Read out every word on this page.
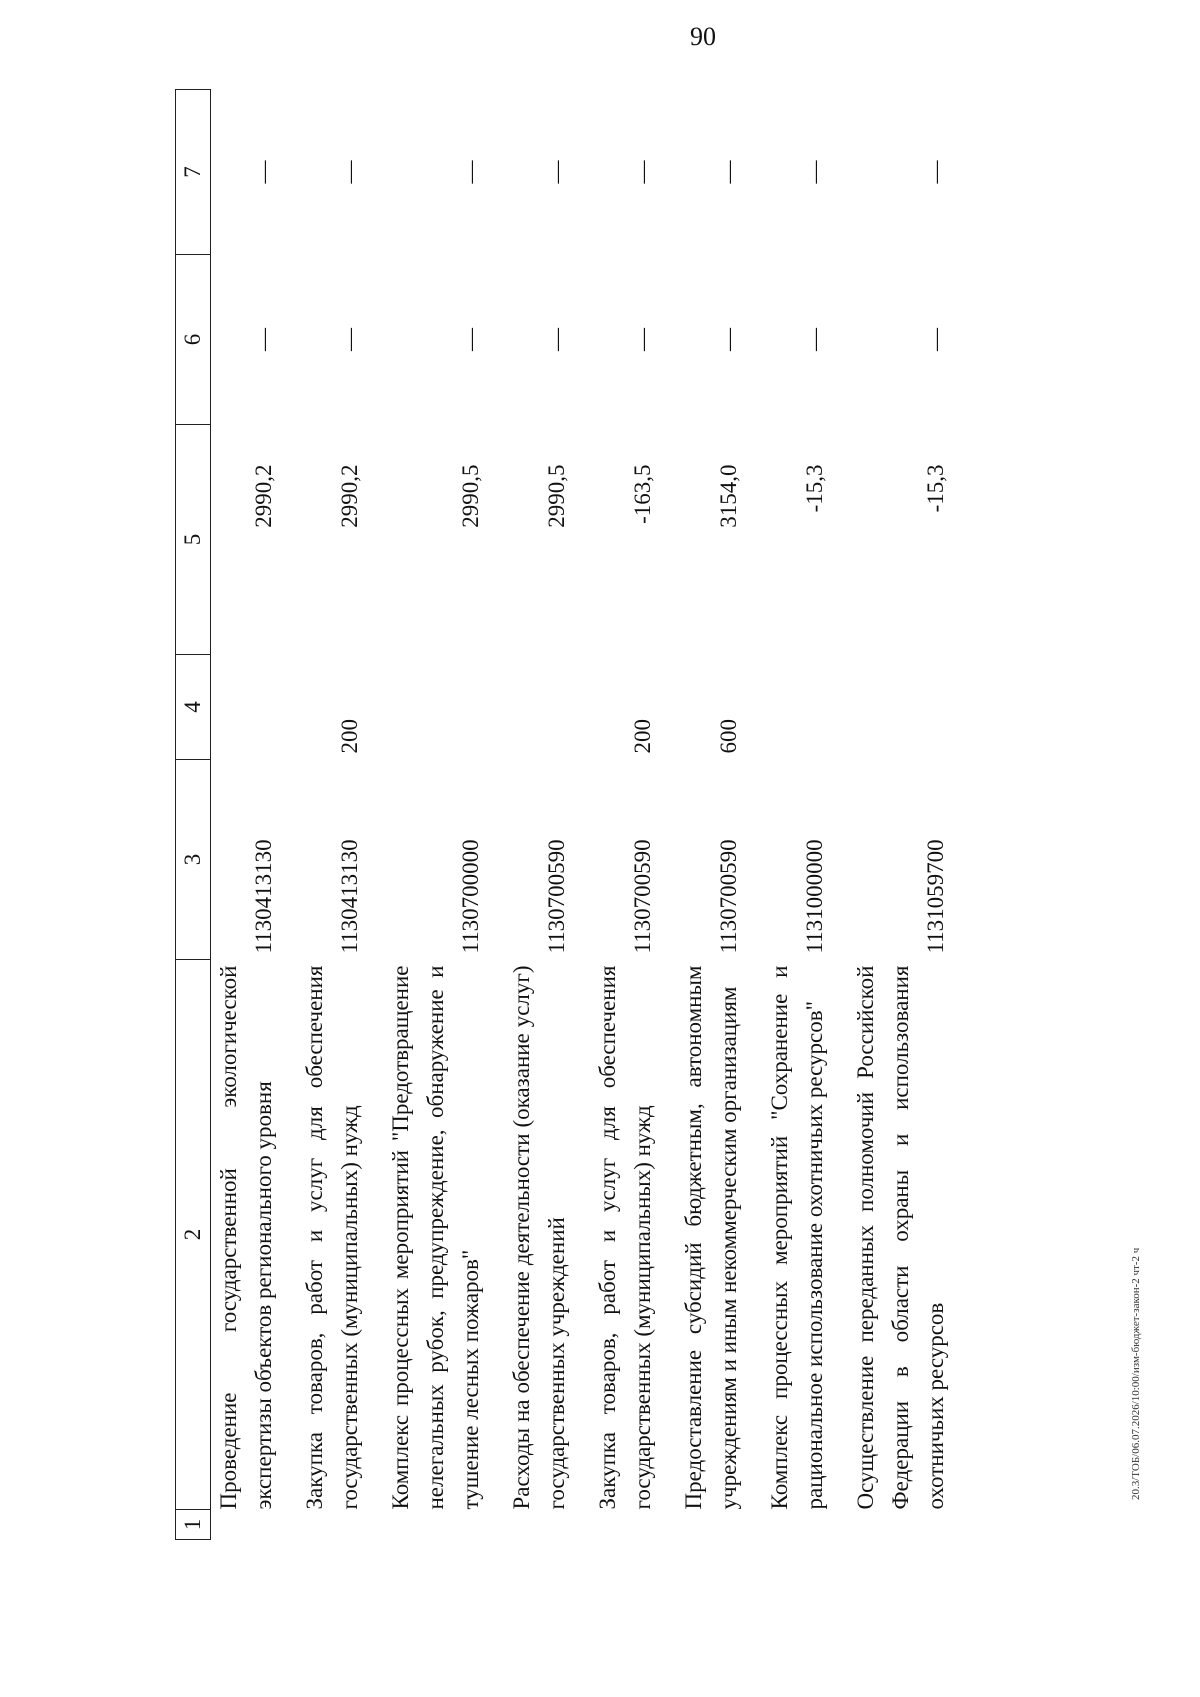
90
1	2	3	4	5	6	7
	Проведение государственной экологической экспертизы объектов регионального уровня	1130413130		2990,2	—	—
	Закупка товаров, работ и услуг для обеспечения государственных (муниципальных) нужд	1130413130	200	2990,2	—	—
	Комплекс процессных мероприятий "Предотвращение нелегальных рубок, предупреждение, обнаружение и тушение лесных пожаров"	1130700000		2990,5	—	—
	Расходы на обеспечение деятельности (оказание услуг) государственных учреждений	1130700590		2990,5	—	—
	Закупка товаров, работ и услуг для обеспечения государственных (муниципальных) нужд	1130700590	200	-163,5	—	—
	Предоставление субсидий бюджетным, автономным учреждениям и иным некоммерческим организациям	1130700590	600	3154,0	—	—
	Комплекс процессных мероприятий "Сохранение и рациональное использование охотничьих ресурсов"	1131000000		-15,3	—	—
	Осуществление переданных полномочий Российской Федерации в области охраны и использования охотничьих ресурсов	1131059700		-15,3	—	—
20.3/ТОБ/06.07.2026/10:00/изм-бюджет-закон-2 чт-2 ч
